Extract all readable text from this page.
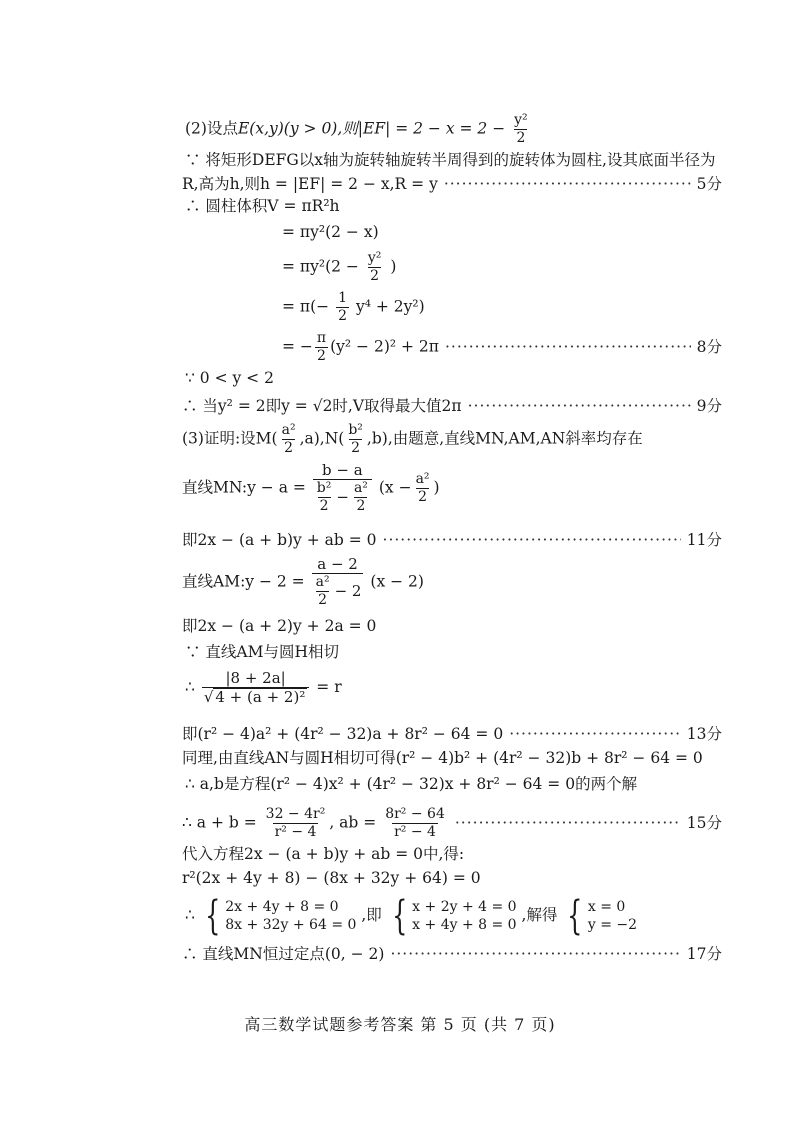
(2)设点E(x,y)(y > 0),则$|EF| = 2 - x = 2 - \frac{\text{y²}}{2}$
∵ 将矩形DEFG以x轴为旋转轴旋转半周得到的旋转体为圆柱,设其底面半径为
R,高为h,则h = |EF| = 2 − x,R = y ·····	5分
∴ 圆柱体积V = πR²h
= πy²(2 − x)
= $\pi y^2(2 - \frac{\text{y²}}{2}$ )
= $\pi(- \frac{1}{2} y^4 + 2y^2)$
= − $\frac{\pi}{2} (y^2 - 2)^2 + 2\pi$ ·····	8分
∵ 0 < y < 2
∴ 当y² = 2即y = √2时,V取得最大值2π ·····	9分
(3)证明:设$M( \frac{\text{a²}}{2} ,a),N( \frac{\text{b²}}{2} ,b)$,由题意,直线MN,AM,AN斜率均存在
直线MN:y − $a = \frac{b - a}{\frac{\text{b²}}{2} - \frac{\text{a²}}{2}} (x - \frac{\text{a²}}{2}$ )
即2x − (a + b)y + ab = 0 ·····	11分
直线AM:y − $2 = \frac{a - 2}{\frac{\text{a²}}{2} - 2} (x - 2)$
即2x − (a + 2)y + 2a = 0
∵ 直线AM与圆H相切
∴ $\frac{|8 + 2a|}{\text{√ 4 + (a + 2)²}} = r$
即(r² − 4)a² + (4r² − 32)a + 8r² − 64 = 0 ·····	13分
同理,由直线AN与圆H相切可得(r² − 4)b² + (4r² − 32)b + 8r² − 64 = 0
∴ a,b是方程(r² − 4)x² + (4r² − 32)x + 8r² − 64 = 0的两个解
∴ $a + b = \frac{\text{32 − 4r²}}{\text{r² − 4}}$ , ab = $\frac{\text{8r² − 64}}{\text{r² − 4}}$ ·····	15分
代入方程2x − (a + b)y + ab = 0中,得:
r²(2x + 4y + 8) − (8x + 32y + 64) = 0
∴ { 2x + 4y + 8 = 0
8x + 32y + 64 = 0
,即 { x + 2y + 4 = 0
x + 4y + 8 = 0
,解得 { x = 0
y = −2
∴ 直线MN恒过定点(0, − 2) ·····	17分
高三数学试题参考答案 第 5 页 (共 7 页)
